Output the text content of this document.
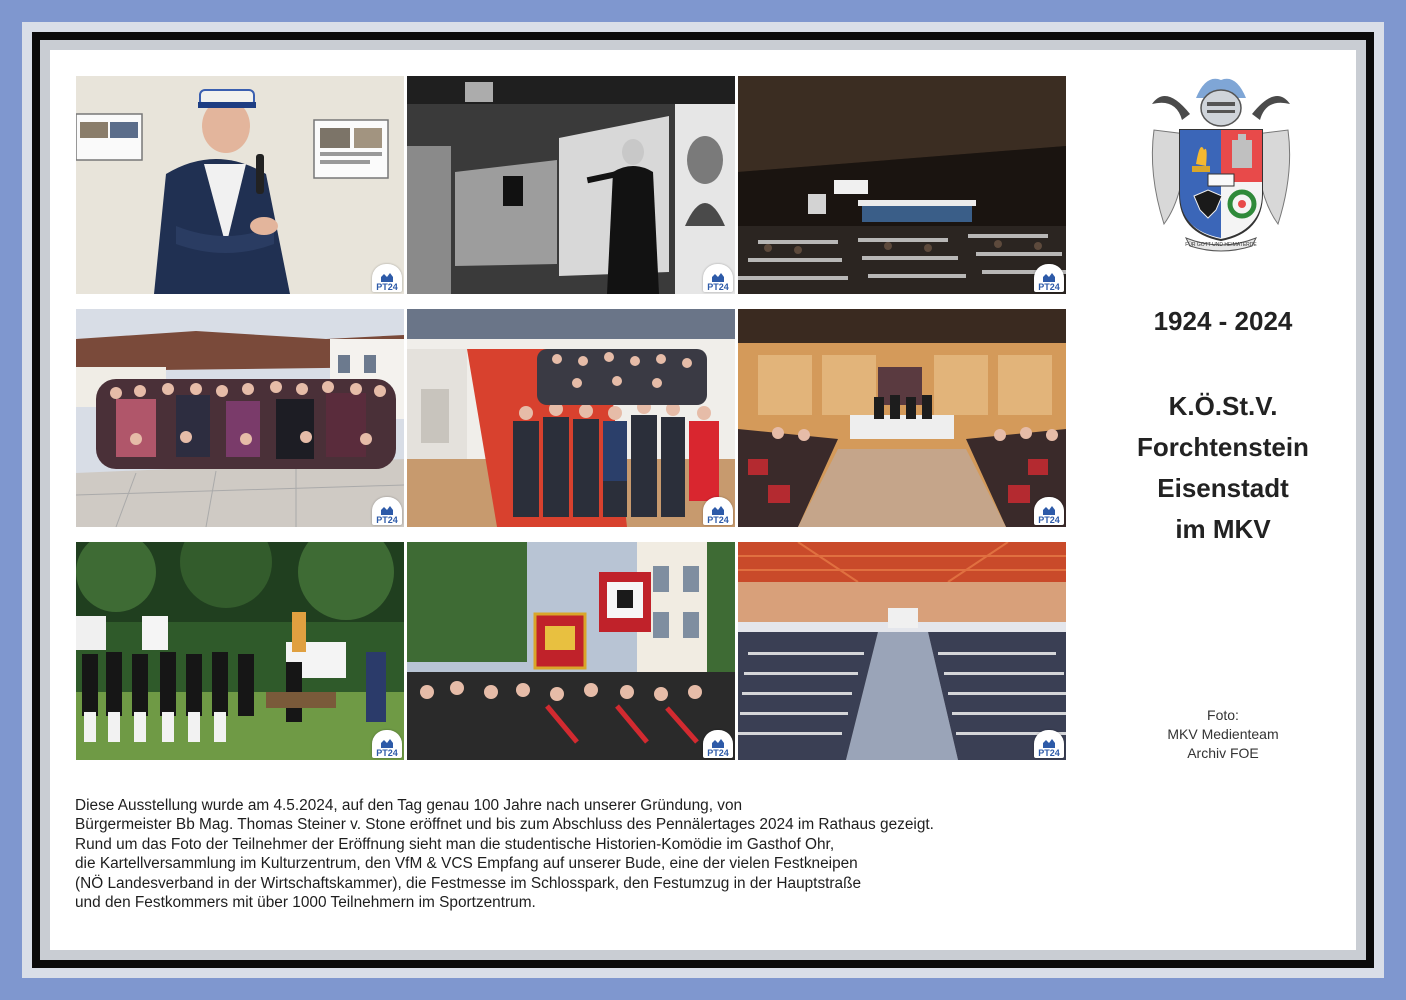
PT24	PT24	PT24
PT24	PT24	PT24
PT24	PT24	PT24
FÜR GOTT UND HEIMATERDE
1924 - 2024
K.Ö.St.V.
Forchtenstein
Eisenstadt
im MKV
Foto:
MKV Medienteam
Archiv FOE
Diese Ausstellung wurde am 4.5.2024, auf den Tag genau 100 Jahre nach unserer Gründung, von
Bürgermeister Bb Mag. Thomas Steiner v. Stone eröffnet und bis zum Abschluss des Pennälertages 2024 im Rathaus gezeigt.
Rund um das Foto der Teilnehmer der Eröffnung sieht man die studentische Historien-Komödie im Gasthof Ohr,
die Kartellversammlung im Kulturzentrum, den VfM & VCS Empfang auf unserer Bude, eine der vielen Festkneipen
(NÖ Landesverband in der Wirtschaftskammer), die Festmesse im Schlosspark, den Festumzug in der Hauptstraße
und den Festkommers mit über 1000 Teilnehmern im Sportzentrum.
